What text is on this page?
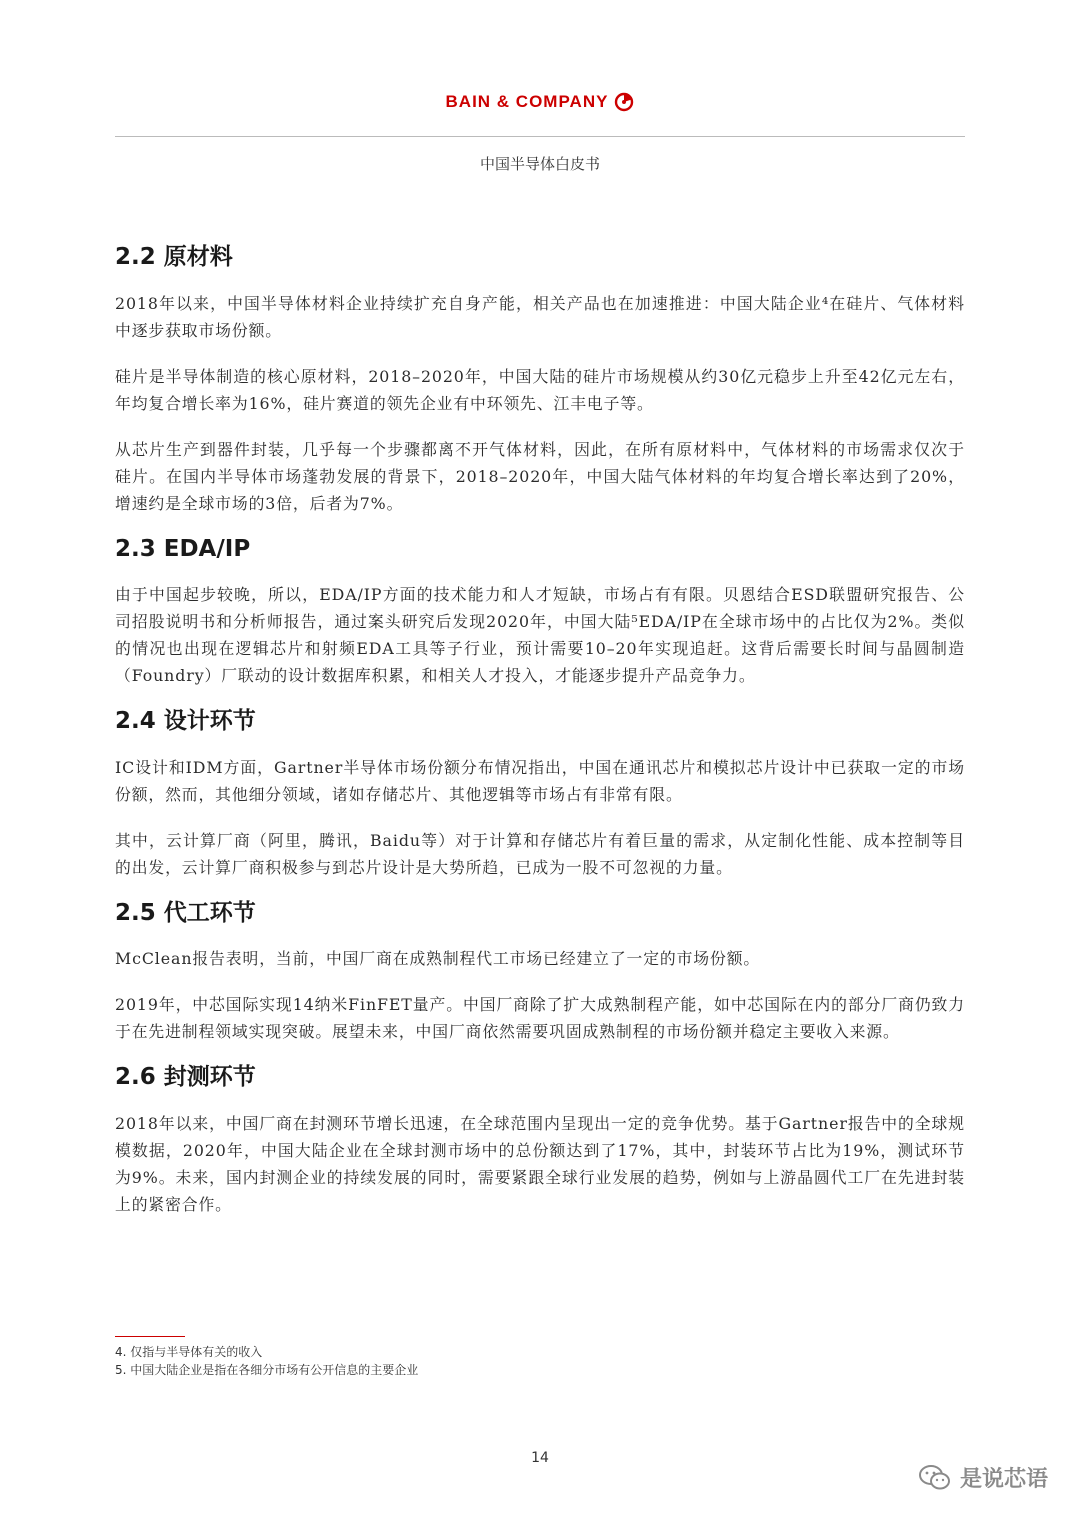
BAIN & COMPANY
中国半导体白皮书
2.2 原材料

2018年以来，中国半导体材料企业持续扩充自身产能，相关产品也在加速推进：中国大陆企业⁴在硅片、气体材料中逐步获取市场份额。

硅片是半导体制造的核心原材料，2018–2020年，中国大陆的硅片市场规模从约30亿元稳步上升至42亿元左右，年均复合增长率为16%，硅片赛道的领先企业有中环领先、江丰电子等。

从芯片生产到器件封装，几乎每一个步骤都离不开气体材料，因此，在所有原材料中，气体材料的市场需求仅次于硅片。在国内半导体市场蓬勃发展的背景下，2018–2020年，中国大陆气体材料的年均复合增长率达到了20%，增速约是全球市场的3倍，后者为7%。

2.3 EDA/IP

由于中国起步较晚，所以，EDA/IP方面的技术能力和人才短缺，市场占有有限。贝恩结合ESD联盟研究报告、公司招股说明书和分析师报告，通过案头研究后发现2020年，中国大陆⁵EDA/IP在全球市场中的占比仅为2%。类似的情况也出现在逻辑芯片和射频EDA工具等子行业，预计需要10–20年实现追赶。这背后需要长时间与晶圆制造（Foundry）厂联动的设计数据库积累，和相关人才投入，才能逐步提升产品竞争力。

2.4 设计环节

IC设计和IDM方面，Gartner半导体市场份额分布情况指出，中国在通讯芯片和模拟芯片设计中已获取一定的市场份额，然而，其他细分领域，诸如存储芯片、其他逻辑等市场占有非常有限。

其中，云计算厂商（阿里，腾讯，Baidu等）对于计算和存储芯片有着巨量的需求，从定制化性能、成本控制等目的出发，云计算厂商积极参与到芯片设计是大势所趋，已成为一股不可忽视的力量。

2.5 代工环节

McClean报告表明，当前，中国厂商在成熟制程代工市场已经建立了一定的市场份额。

2019年，中芯国际实现14纳米FinFET量产。中国厂商除了扩大成熟制程产能，如中芯国际在内的部分厂商仍致力于在先进制程领域实现突破。展望未来，中国厂商依然需要巩固成熟制程的市场份额并稳定主要收入来源。

2.6 封测环节

2018年以来，中国厂商在封测环节增长迅速，在全球范围内呈现出一定的竞争优势。基于Gartner报告中的全球规模数据，2020年，中国大陆企业在全球封测市场中的总份额达到了17%，其中，封装环节占比为19%，测试环节为9%。未来，国内封测企业的持续发展的同时，需要紧跟全球行业发展的趋势，例如与上游晶圆代工厂在先进封装上的紧密合作。

4. 仅指与半导体有关的收入
5. 中国大陆企业是指在各细分市场有公开信息的主要企业
14
是说芯语
